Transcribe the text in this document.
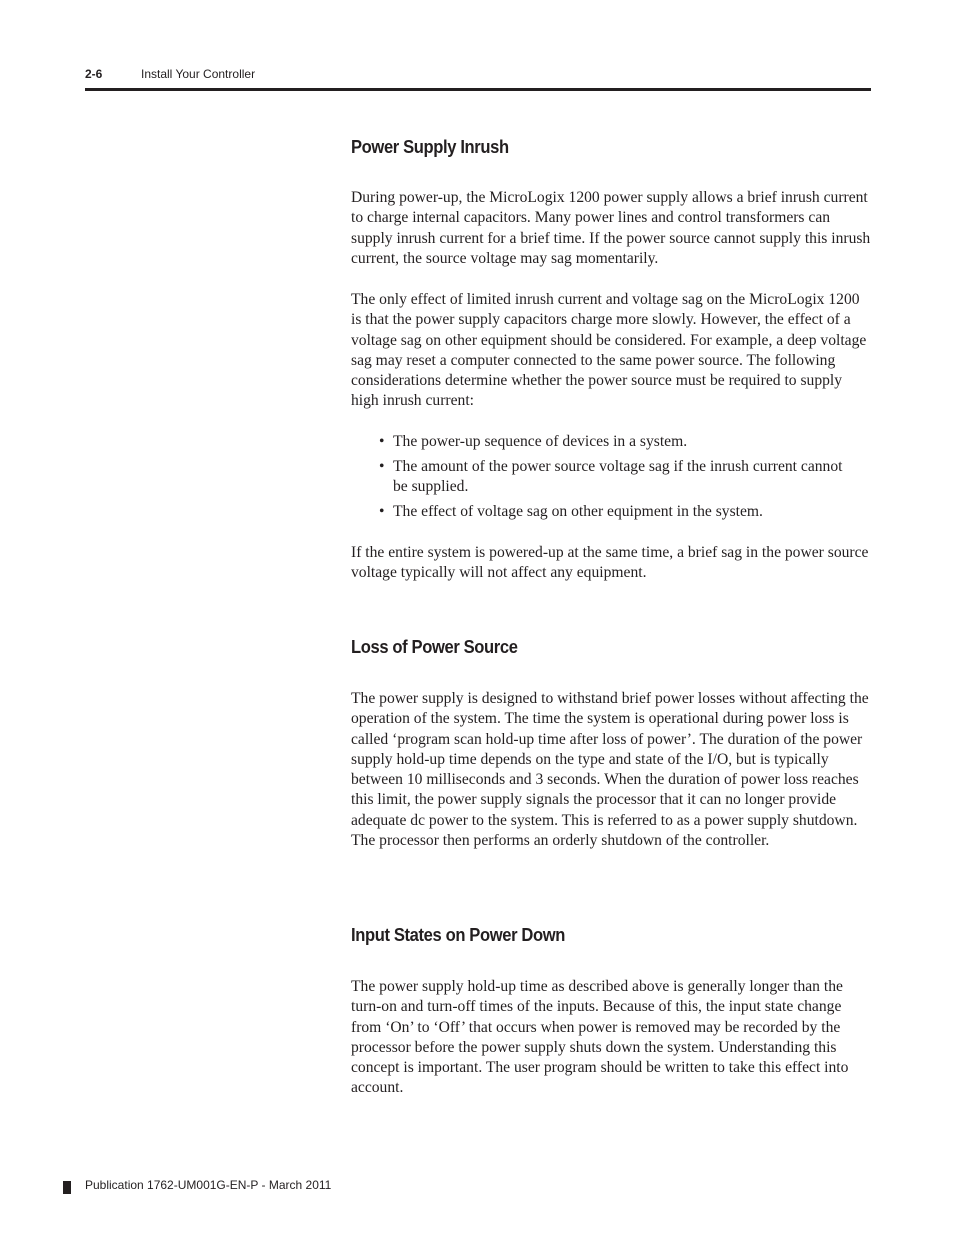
2-6	Install Your Controller
Power Supply Inrush

During power-up, the MicroLogix 1200 power supply allows a brief inrush current to charge internal capacitors. Many power lines and control transformers can supply inrush current for a brief time. If the power source cannot supply this inrush current, the source voltage may sag momentarily.

The only effect of limited inrush current and voltage sag on the MicroLogix 1200 is that the power supply capacitors charge more slowly. However, the effect of a voltage sag on other equipment should be considered. For example, a deep voltage sag may reset a computer connected to the same power source. The following considerations determine whether the power source must be required to supply high inrush current:

• The power-up sequence of devices in a system.
• The amount of the power source voltage sag if the inrush current cannot be supplied.
• The effect of voltage sag on other equipment in the system.

If the entire system is powered-up at the same time, a brief sag in the power source voltage typically will not affect any equipment.

Loss of Power Source

The power supply is designed to withstand brief power losses without affecting the operation of the system. The time the system is operational during power loss is called ‘program scan hold-up time after loss of power’. The duration of the power supply hold-up time depends on the type and state of the I/O, but is typically between 10 milliseconds and 3 seconds. When the duration of power loss reaches this limit, the power supply signals the processor that it can no longer provide adequate dc power to the system. This is referred to as a power supply shutdown. The processor then performs an orderly shutdown of the controller.

Input States on Power Down

The power supply hold-up time as described above is generally longer than the turn-on and turn-off times of the inputs. Because of this, the input state change from ‘On’ to ‘Off’ that occurs when power is removed may be recorded by the processor before the power supply shuts down the system. Understanding this concept is important. The user program should be written to take this effect into account.

Publication 1762-UM001G-EN-P - March 2011
